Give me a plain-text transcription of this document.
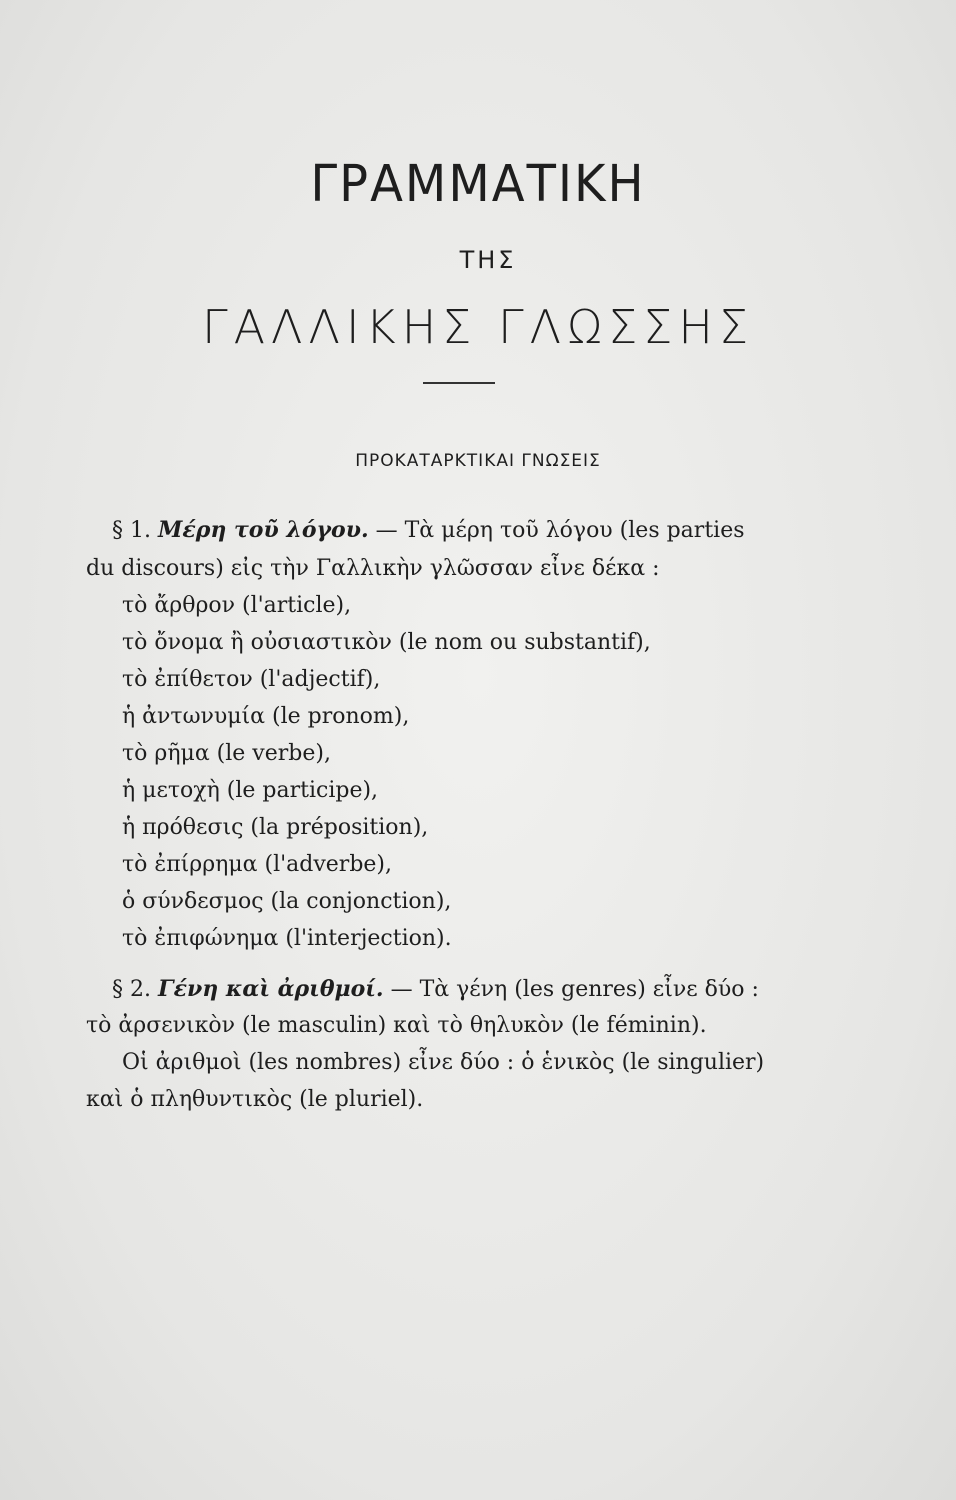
ΓΡΑΜΜΑΤΙΚΗ
ΤΗΣ
ΓΑΛΛΙΚΗΣ ΓΛΩΣΣΗΣ
ΠΡΟΚΑΤΑΡΚΤΙΚΑΙ ΓΝΩΣΕΙΣ
§ 1. Μέρη τοῦ λόγου. — Τὰ μέρη τοῦ λόγου (les parties
du discours) εἰς τὴν Γαλλικὴν γλῶσσαν εἶνε δέκα :
τὸ ἄρθρον (l'article),
τὸ ὄνομα ἢ οὐσιαστικὸν (le nom ou substantif),
τὸ ἐπίθετον (l'adjectif),
ἡ ἀντωνυμία (le pronom),
τὸ ρῆμα (le verbe),
ἡ μετοχὴ (le participe),
ἡ πρόθεσις (la préposition),
τὸ ἐπίρρημα (l'adverbe),
ὁ σύνδεσμος (la conjonction),
τὸ ἐπιφώνημα (l'interjection).
§ 2. Γένη καὶ ἀριθμοί. — Τὰ γένη (les genres) εἶνε δύο :
τὸ ἀρσενικὸν (le masculin) καὶ τὸ θηλυκὸν (le féminin).
Οἱ ἀριθμοὶ (les nombres) εἶνε δύο : ὁ ἑνικὸς (le singulier)
καὶ ὁ πληθυντικὸς (le pluriel).
